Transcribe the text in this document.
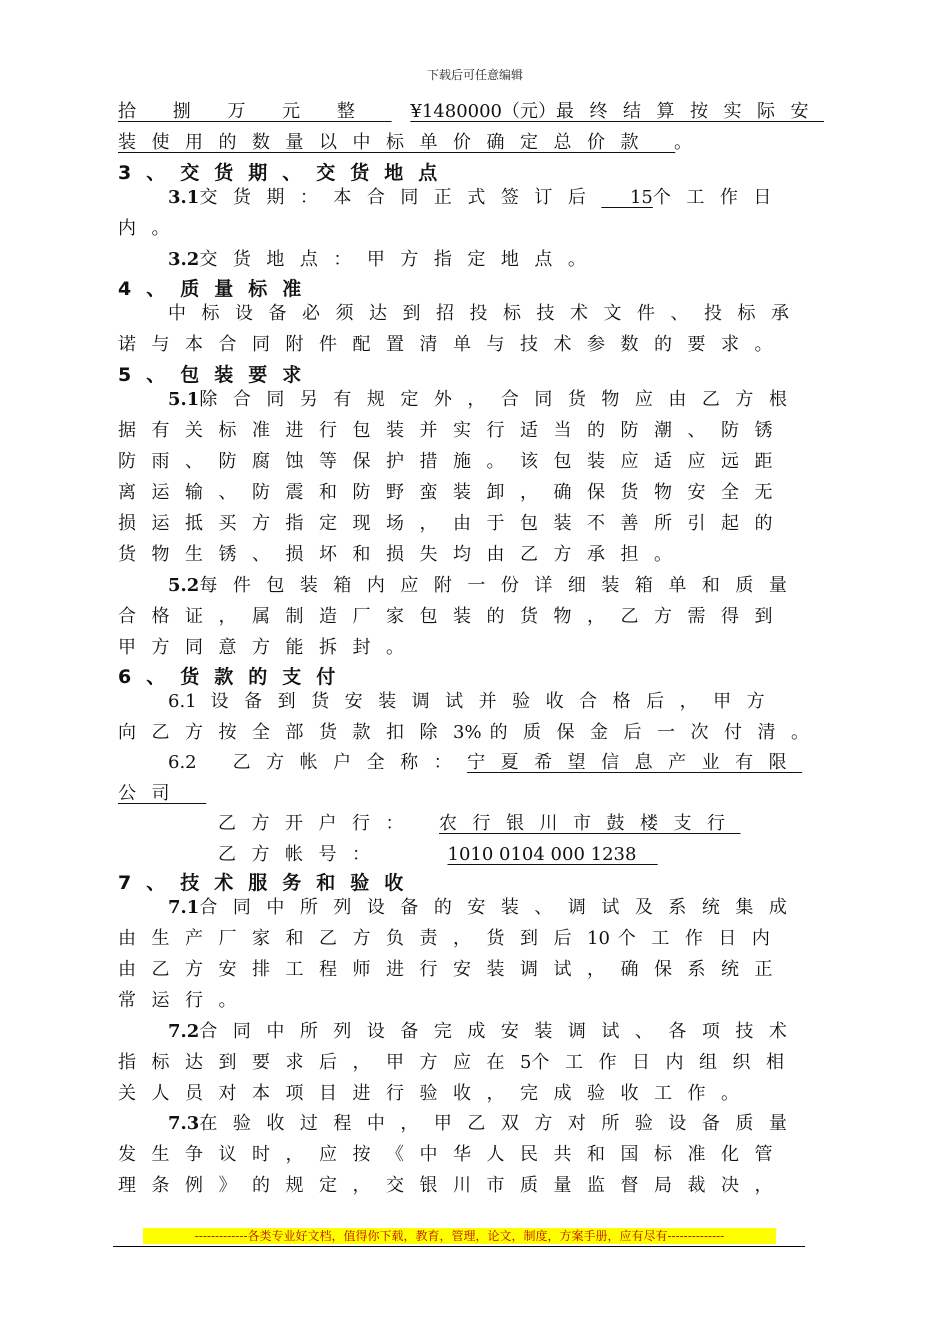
下载后可任意编辑
拾 捌 万 元 整 ¥1480000（元）最终结算按实际安
装使用的数量以中标单价确定总价款 。
3、交货期、交货地点
3.1交货期：本合同正式签订后 15个工作日
内。
3.2交货地点：甲方指定地点。
4、质量标准
中标设备必须达到招投标技术文件、投标承
诺与本合同附件配置清单与技术参数的要求。
5、包装要求
5.1除合同另有规定外，合同货物应由乙方根
据有关标准进行包装并实行适当的防潮、防锈
防雨、防腐蚀等保护措施。该包装应适应远距
离运输、防震和防野蛮装卸，确保货物安全无
损运抵买方指定现场，由于包装不善所引起的
货物生锈、损坏和损失均由乙方承担。
5.2每件包装箱内应附一份详细装箱单和质量
合格证，属制造厂家包装的货物，乙方需得到
甲方同意方能拆封。
6、货款的支付
6.1 设备到货安装调试并验收合格后，甲方
向乙方按全部货款扣除3% 的质保金后一次付清。
6.2 乙方帐户全称：宁夏希望信息产业有限
公司
乙方开户行： 农行银川市鼓楼支行
乙方帐号：	1010 0104 000 1238
7、技术服务和验收
7.1合同中所列设备的安装、调试及系统集成
由生产厂家和乙方负责，货到后10 个工作日内
由乙方安排工程师进行安装调试，确保系统正
常运行。
7.2合同中所列设备完成安装调试、各项技术
指标达到要求后，甲方应在5个工作日内组织相
关人员对本项目进行验收，完成验收工作。
7.3在验收过程中，甲乙双方对所验设备质量
发生争议时，应按《中华人民共和国标准化管
理条例》的规定，交银川市质量监督局裁决，
-------------各类专业好文档，值得你下载，教育，管理，论文，制度，方案手册，应有尽有--------------
